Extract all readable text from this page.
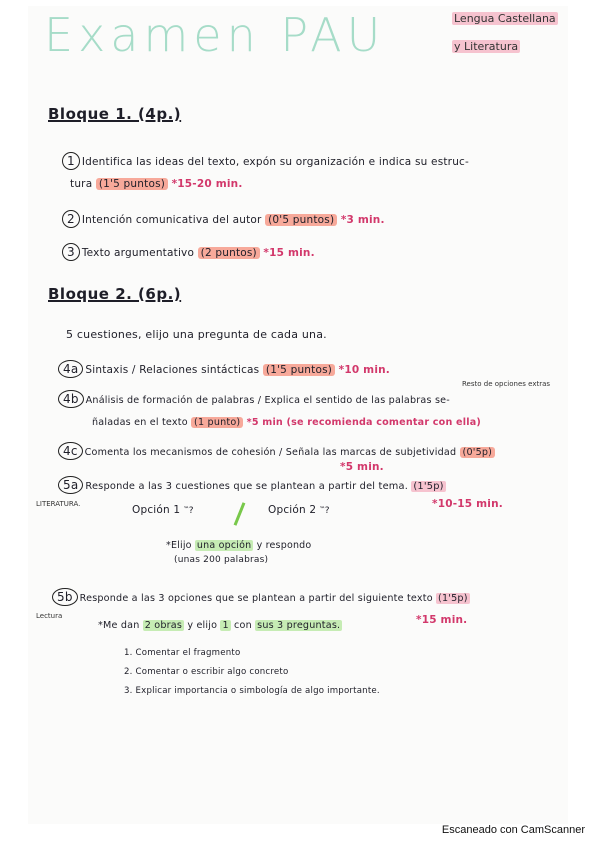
Examen PAU	Lengua Castellana
y Literatura
Bloque 1. (4p.)
1 Identifica las ideas del texto, expón su organización e indica su estruc-
tura (1'5 puntos) *15-20 min.
2 Intención comunicativa del autor (0'5 puntos) *3 min.
3 Texto argumentativo (2 puntos) *15 min.
Bloque 2. (6p.)
5 cuestiones, elijo una pregunta de cada una.
4a Sintaxis / Relaciones sintácticas (1'5 puntos) *10 min.
Resto de opciones extras
4b Análisis de formación de palabras / Explica el sentido de las palabras se-
ñaladas en el texto (1 punto) *5 min (se recomienda comentar con ella)
4c Comenta los mecanismos de cohesión / Señala las marcas de subjetividad (0'5p)
*5 min.
5a Responde a las 3 cuestiones que se plantean a partir del tema. (1'5p)
LITERATURA.	*10-15 min.
Opción 1 ‷?	Opción 2 ‷?
*Elijo una opción y respondo
(unas 200 palabras)
5b Responde a las 3 opciones que se plantean a partir del siguiente texto (1'5p)
Lectura
*Me dan 2 obras y elijo 1 con sus 3 preguntas.	*15 min.
1. Comentar el fragmento
2. Comentar o escribir algo concreto
3. Explicar importancia o simbología de algo importante.
Escaneado con CamScanner
